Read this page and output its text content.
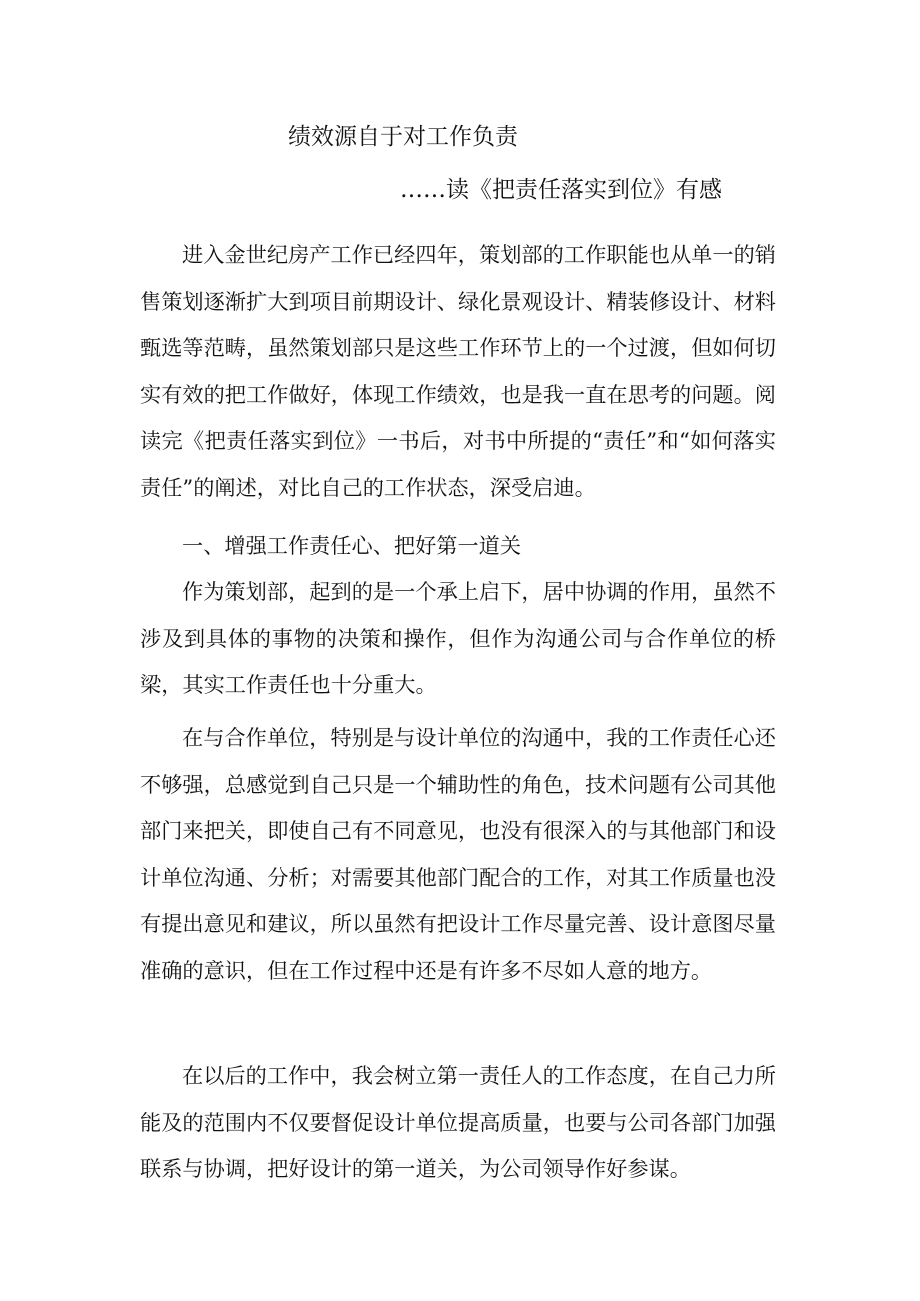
绩效源自于对工作负责
……读《把责任落实到位》有感

进入金世纪房产工作已经四年，策划部的工作职能也从单一的销售策划逐渐扩大到项目前期设计、绿化景观设计、精装修设计、材料甄选等范畴，虽然策划部只是这些工作环节上的一个过渡，但如何切实有效的把工作做好，体现工作绩效，也是我一直在思考的问题。阅读完《把责任落实到位》一书后，对书中所提的“责任”和“如何落实责任”的阐述，对比自己的工作状态，深受启迪。

一、增强工作责任心、把好第一道关

作为策划部，起到的是一个承上启下，居中协调的作用，虽然不涉及到具体的事物的决策和操作，但作为沟通公司与合作单位的桥梁，其实工作责任也十分重大。

在与合作单位，特别是与设计单位的沟通中，我的工作责任心还不够强，总感觉到自己只是一个辅助性的角色，技术问题有公司其他部门来把关，即使自己有不同意见，也没有很深入的与其他部门和设计单位沟通、分析；对需要其他部门配合的工作，对其工作质量也没有提出意见和建议，所以虽然有把设计工作尽量完善、设计意图尽量准确的意识，但在工作过程中还是有许多不尽如人意的地方。

在以后的工作中，我会树立第一责任人的工作态度，在自己力所能及的范围内不仅要督促设计单位提高质量，也要与公司各部门加强联系与协调，把好设计的第一道关，为公司领导作好参谋。
